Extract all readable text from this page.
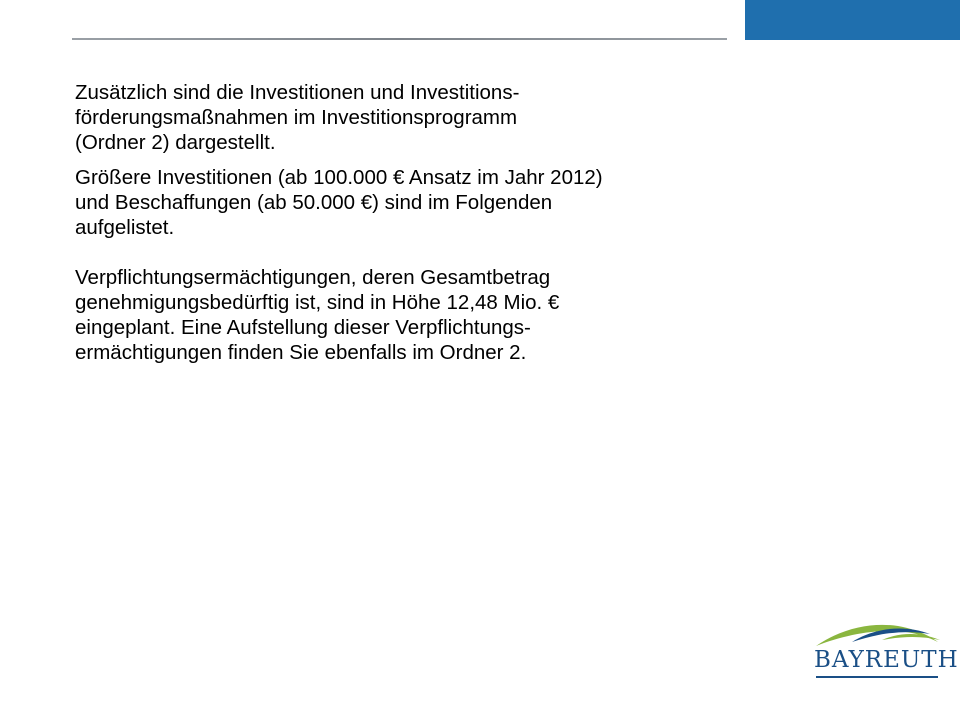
Zusätzlich sind die Investitionen und Investitions-
förderungsmaßnahmen im Investitionsprogramm
(Ordner 2) dargestellt.

Größere Investitionen (ab 100.000 € Ansatz im Jahr 2012)
und Beschaffungen (ab 50.000 €) sind im Folgenden
aufgelistet.

Verpflichtungsermächtigungen, deren Gesamtbetrag
genehmigungsbedürftig ist, sind in Höhe 12,48 Mio. €
eingeplant. Eine Aufstellung dieser Verpflichtungs-
ermächtigungen finden Sie ebenfalls im Ordner 2.

BAYREUTH
